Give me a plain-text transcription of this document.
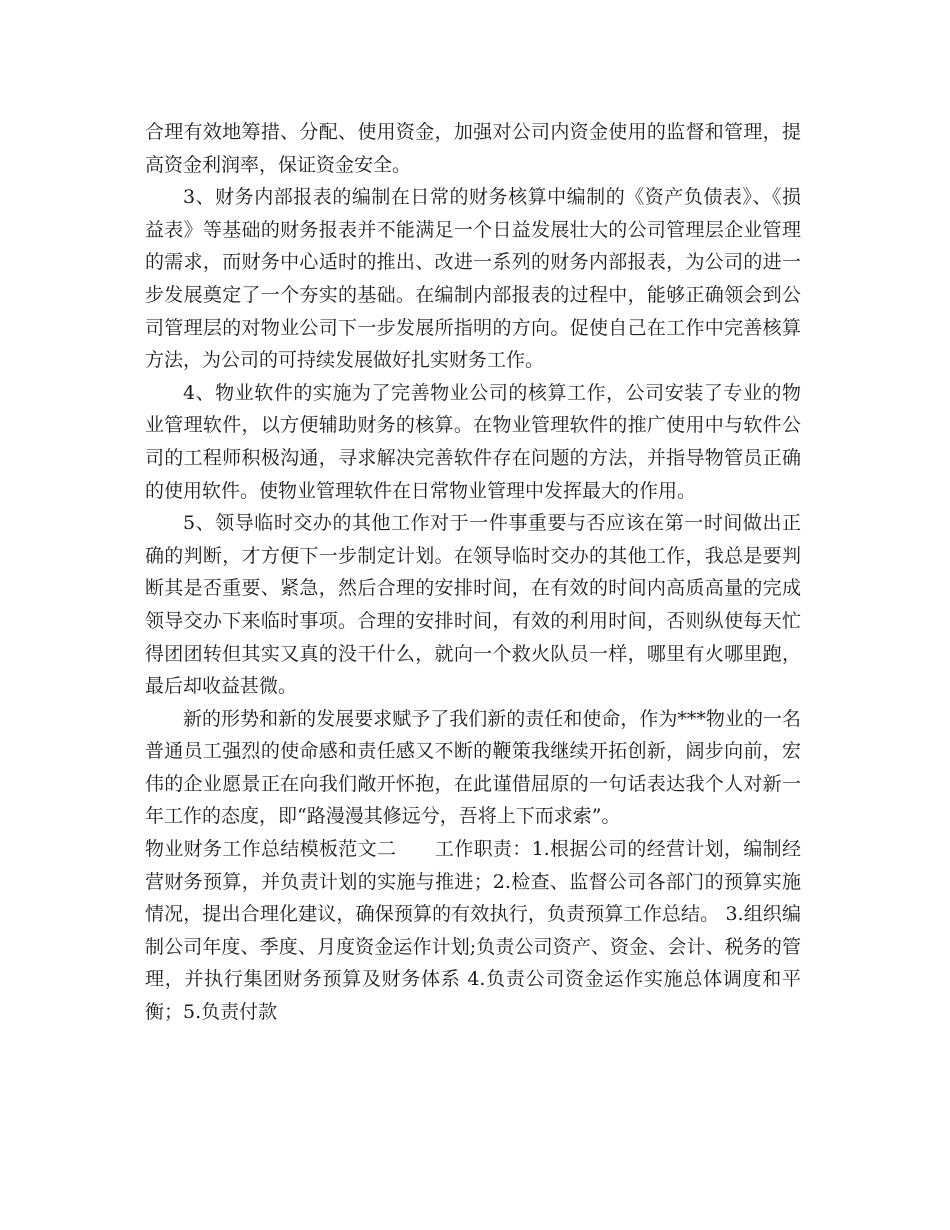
合理有效地筹措、分配、使用资金，加强对公司内资金使用的监督和管理，提高资金利润率，保证资金安全。

3、财务内部报表的编制在日常的财务核算中编制的《资产负债表》、《损益表》等基础的财务报表并不能满足一个日益发展壮大的公司管理层企业管理的需求，而财务中心适时的推出、改进一系列的财务内部报表，为公司的进一步发展奠定了一个夯实的基础。在编制内部报表的过程中，能够正确领会到公司管理层的对物业公司下一步发展所指明的方向。促使自己在工作中完善核算方法，为公司的可持续发展做好扎实财务工作。

4、物业软件的实施为了完善物业公司的核算工作，公司安装了专业的物业管理软件，以方便辅助财务的核算。在物业管理软件的推广使用中与软件公司的工程师积极沟通，寻求解决完善软件存在问题的方法，并指导物管员正确的使用软件。使物业管理软件在日常物业管理中发挥最大的作用。

5、领导临时交办的其他工作对于一件事重要与否应该在第一时间做出正确的判断，才方便下一步制定计划。在领导临时交办的其他工作，我总是要判断其是否重要、紧急，然后合理的安排时间，在有效的时间内高质高量的完成领导交办下来临时事项。合理的安排时间，有效的利用时间，否则纵使每天忙得团团转但其实又真的没干什么，就向一个救火队员一样，哪里有火哪里跑，最后却收益甚微。

新的形势和新的发展要求赋予了我们新的责任和使命，作为***物业的一名普通员工强烈的使命感和责任感又不断的鞭策我继续开拓创新，阔步向前，宏伟的企业愿景正在向我们敞开怀抱，在此谨借屈原的一句话表达我个人对新一年工作的态度，即“路漫漫其修远兮，吾将上下而求索”。

物业财务工作总结模板范文二　　工作职责：1.根据公司的经营计划，编制经营财务预算，并负责计划的实施与推进；2.检查、监督公司各部门的预算实施情况，提出合理化建议，确保预算的有效执行，负责预算工作总结。 3.组织编制公司年度、季度、月度资金运作计划;负责公司资产、资金、会计、税务的管理，并执行集团财务预算及财务体系 4.负责公司资金运作实施总体调度和平衡；5.负责付款
